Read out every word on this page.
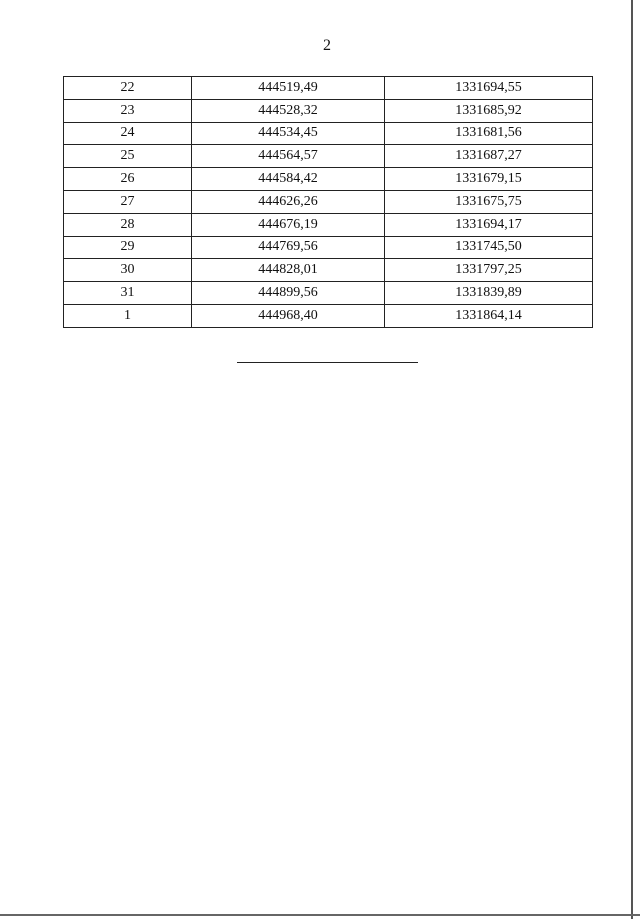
2
22	444519,49	1331694,55
23	444528,32	1331685,92
24	444534,45	1331681,56
25	444564,57	1331687,27
26	444584,42	1331679,15
27	444626,26	1331675,75
28	444676,19	1331694,17
29	444769,56	1331745,50
30	444828,01	1331797,25
31	444899,56	1331839,89
1	444968,40	1331864,14
